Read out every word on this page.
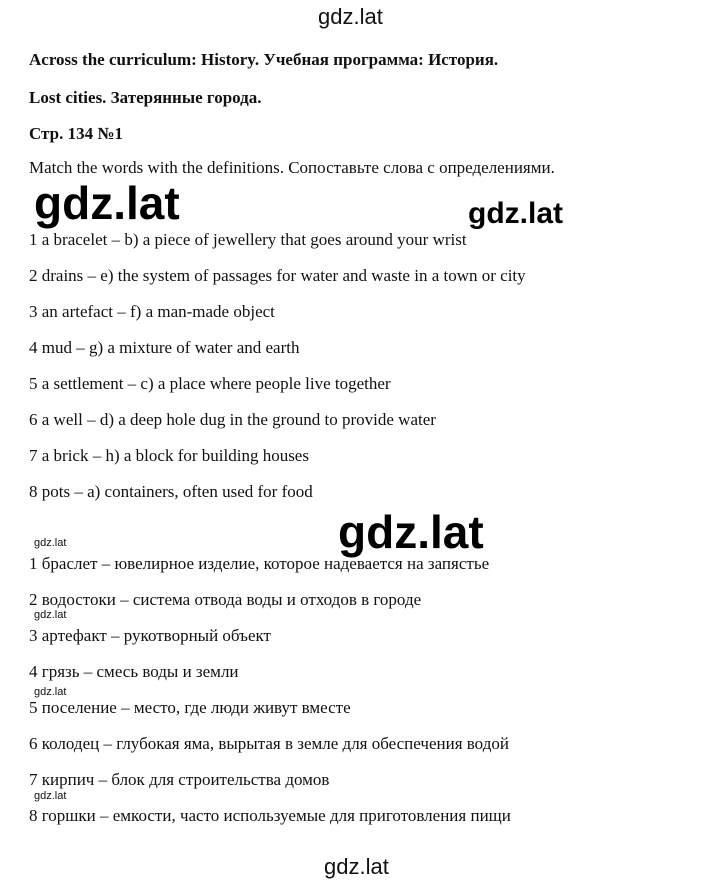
gdz.lat
Across the curriculum: History. Учебная программа: История.
Lost cities. Затерянные города.
Стр. 134 №1
Match the words with the definitions. Сопоставьте слова с определениями.
1 a bracelet – b) a piece of jewellery that goes around your wrist
2 drains – e) the system of passages for water and waste in a town or city
3 an artefact – f) a man-made object
4 mud – g) a mixture of water and earth
5 a settlement – c) a place where people live together
6 a well – d) a deep hole dug in the ground to provide water
7 a brick – h) a block for building houses
8 pots – a) containers, often used for food
1 браслет – ювелирное изделие, которое надевается на запястье
2 водостоки – система отвода воды и отходов в городе
3 артефакт – рукотворный объект
4 грязь – смесь воды и земли
5 поселение – место, где люди живут вместе
6 колодец – глубокая яма, вырытая в земле для обеспечения водой
7 кирпич – блок для строительства домов
8 горшки – емкости, часто используемые для приготовления пищи
gdz.lat	gdz.lat
gdz.lat
gdz.lat
gdz.lat
gdz.lat
gdz.lat
gdz.lat
